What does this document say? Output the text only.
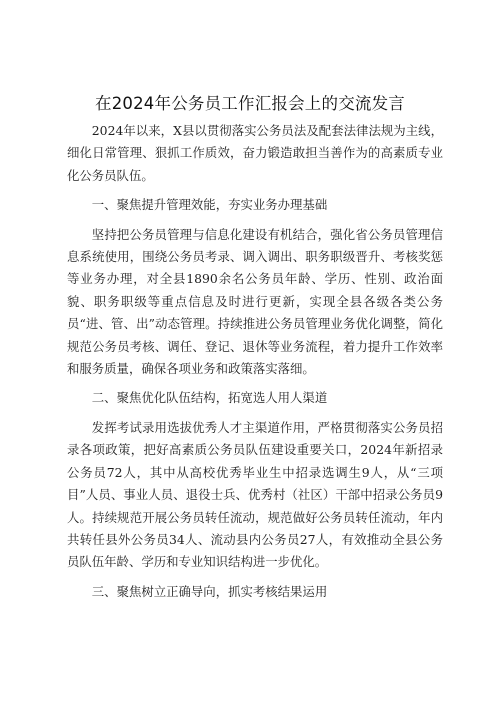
在2024年公务员工作汇报会上的交流发言

2024年以来，X县以贯彻落实公务员法及配套法律法规为主线，细化日常管理、狠抓工作质效，奋力锻造敢担当善作为的高素质专业化公务员队伍。

一、聚焦提升管理效能，夯实业务办理基础

坚持把公务员管理与信息化建设有机结合，强化省公务员管理信息系统使用，围绕公务员考录、调入调出、职务职级晋升、考核奖惩等业务办理，对全县1890余名公务员年龄、学历、性别、政治面貌、职务职级等重点信息及时进行更新，实现全县各级各类公务员“进、管、出”动态管理。持续推进公务员管理业务优化调整，简化规范公务员考核、调任、登记、退休等业务流程，着力提升工作效率和服务质量，确保各项业务和政策落实落细。

二、聚焦优化队伍结构，拓宽选人用人渠道

发挥考试录用选拔优秀人才主渠道作用，严格贯彻落实公务员招录各项政策，把好高素质公务员队伍建设重要关口，2024年新招录公务员72人，其中从高校优秀毕业生中招录选调生9人，从“三项目”人员、事业人员、退役士兵、优秀村（社区）干部中招录公务员9人。持续规范开展公务员转任流动，规范做好公务员转任流动，年内共转任县外公务员34人、流动县内公务员27人，有效推动全县公务员队伍年龄、学历和专业知识结构进一步优化。

三、聚焦树立正确导向，抓实考核结果运用
